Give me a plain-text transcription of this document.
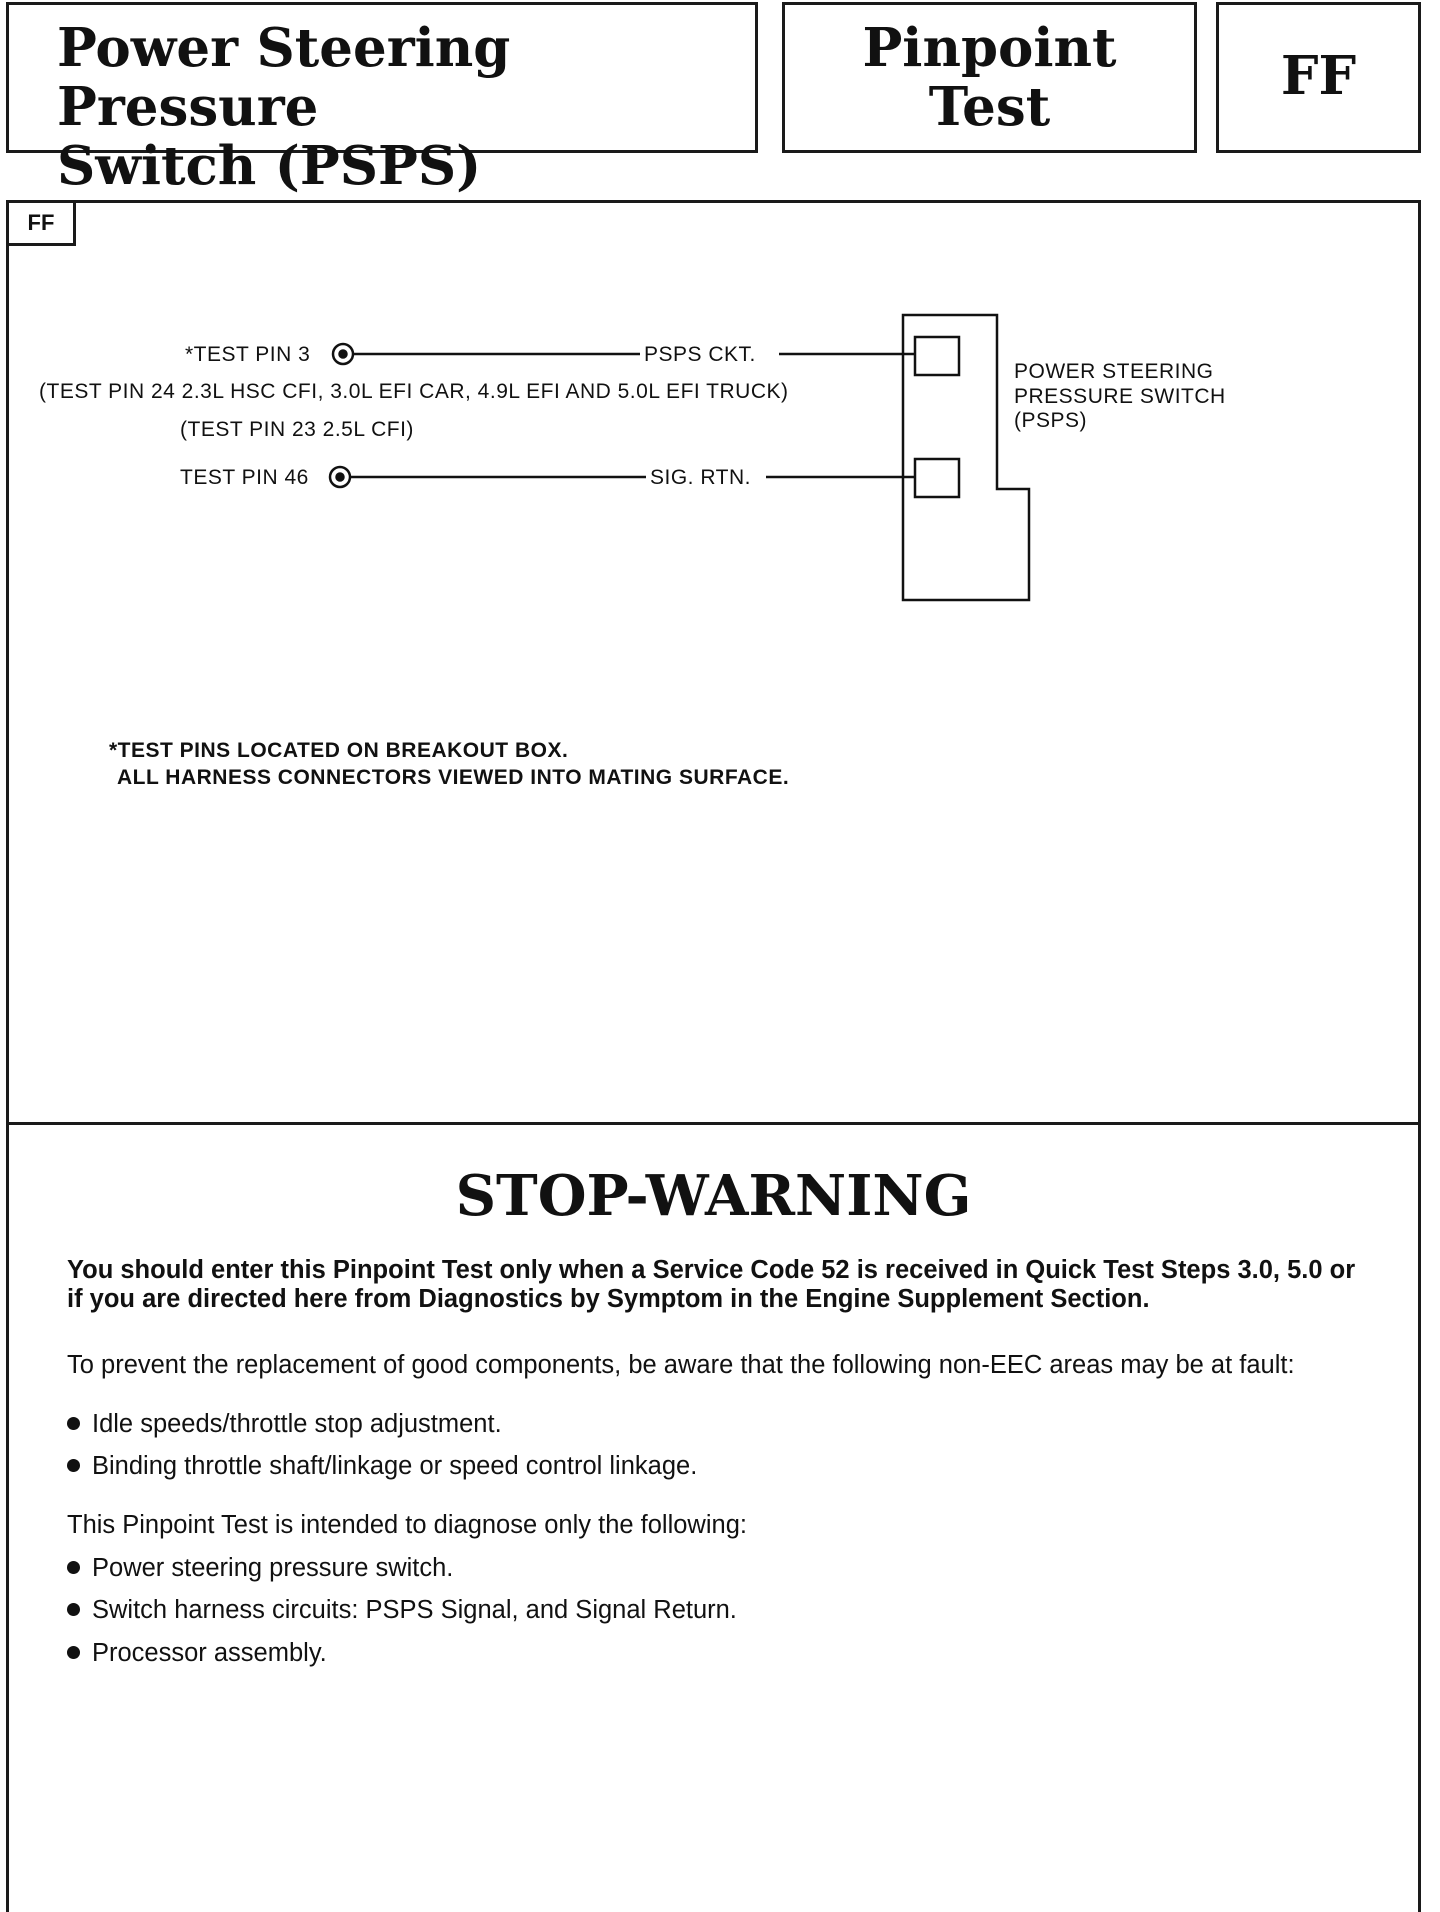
Power Steering Pressure
Switch (PSPS)
Pinpoint
Test	FF
FF
*TEST PIN 3
(TEST PIN 24 2.3L HSC CFI, 3.0L EFI CAR, 4.9L EFI AND 5.0L EFI TRUCK)
(TEST PIN 23 2.5L CFI)
TEST PIN 46
PSPS CKT.
SIG. RTN.
POWER STEERING
PRESSURE SWITCH
(PSPS)
*TEST PINS LOCATED ON BREAKOUT BOX.
ALL HARNESS CONNECTORS VIEWED INTO MATING SURFACE.
STOP-WARNING
You should enter this Pinpoint Test only when a Service Code 52 is received in Quick Test Steps 3.0, 5.0 or if you are directed here from Diagnostics by Symptom in the Engine Supplement Section.
To prevent the replacement of good components, be aware that the following non-EEC areas may be at fault:
Idle speeds/throttle stop adjustment.
Binding throttle shaft/linkage or speed control linkage.
This Pinpoint Test is intended to diagnose only the following:
Power steering pressure switch.
Switch harness circuits: PSPS Signal, and Signal Return.
Processor assembly.
